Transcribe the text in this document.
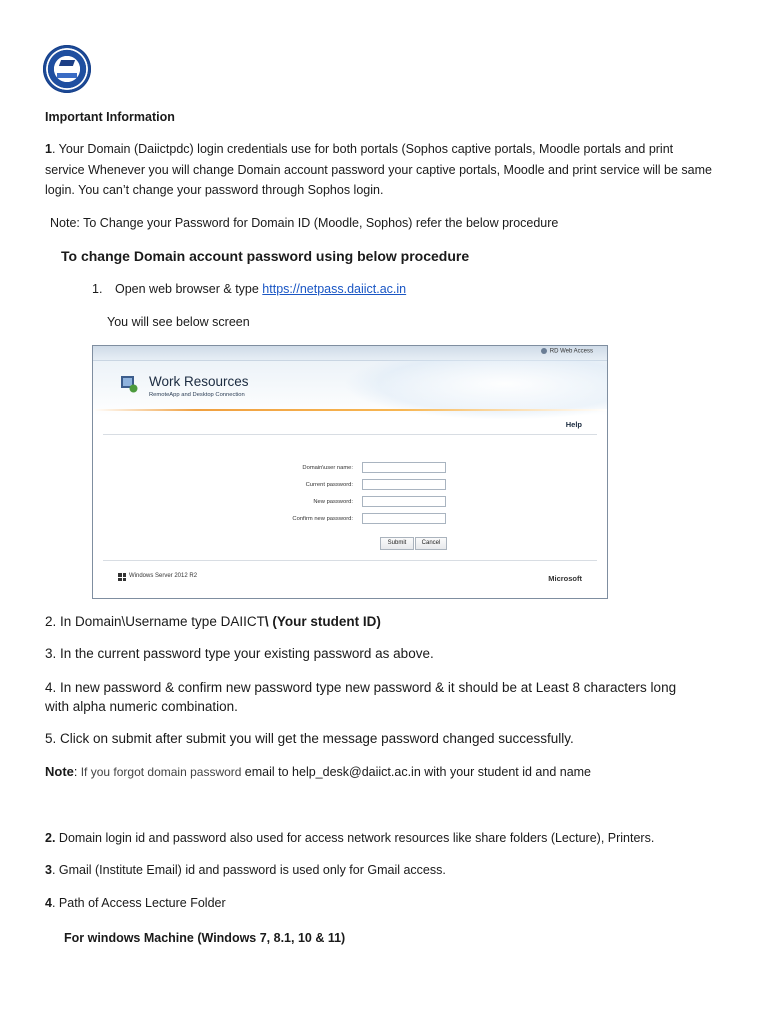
Important Information
1. Your Domain (Daiictpdc) login credentials use for both portals (Sophos captive portals, Moodle portals and print
service Whenever you will change Domain account password your captive portals, Moodle and print service will be same
login. You can’t change your password through Sophos login.
Note: To Change your Password for Domain ID (Moodle, Sophos) refer the below procedure
To change Domain account password using below procedure
1. Open web browser & type https://netpass.daiict.ac.in
You will see below screen
RD Web Access
Work Resources
RemoteApp and Desktop Connection
Help
Domain\user name:
Current password:
New password:
Confirm new password:
Submit	Cancel
Windows Server 2012 R2	Microsoft
2. In Domain\Username type DAIICT\ (Your student ID)
3. In the current password type your existing password as above.
4. In new password & confirm new password type new password & it should be at Least 8 characters long
with alpha numeric combination.
5. Click on submit after submit you will get the message password changed successfully.
Note: If you forgot domain password email to help_desk@daiict.ac.in with your student id and name
2. Domain login id and password also used for access network resources like share folders (Lecture), Printers.
3. Gmail (Institute Email) id and password is used only for Gmail access.
4. Path of Access Lecture Folder
For windows Machine (Windows 7, 8.1, 10 & 11)
